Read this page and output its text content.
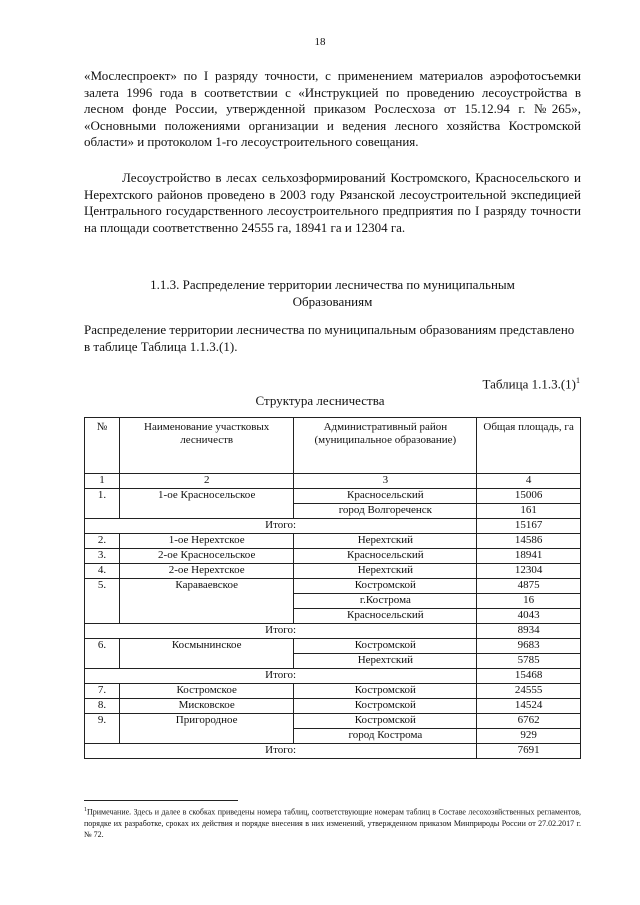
18

«Мослеспроект» по I разряду точности, с применением материалов аэрофотосъемки залета 1996 года в соответствии с «Инструкцией по проведению лесоустройства в лесном фонде России, утвержденной приказом Рослесхоза от 15.12.94 г. №265», «Основными положениями организации и ведения лесного хозяйства Костромской области» и протоколом 1-го лесоустроительного совещания.

Лесоустройство в лесах сельхозформирований Костромского, Красносельского и Нерехтского районов проведено в 2003 году Рязанской лесоустроительной экспедицией Центрального государственного лесоустроительного предприятия по I разряду точности на площади соответственно 24555 га, 18941 га и 12304 га.

1.1.3. Распределение территории лесничества по муниципальным
Образованиям

Распределение территории лесничества по муниципальным образованиям представлено в таблице Таблица 1.1.3.(1).

Таблица $1.1.3.(1)^1$
Структура лесничества
№	Наименование участковых лесничеств	Административный район (муниципальное образование)	Общая площадь, га
1	2	3	4
1.	1-ое Красносельское	Красносельский	15006
		город Волгореченск	161
Итого:			15167
2.	1-ое Нерехтское	Нерехтский	14586
3.	2-ое Красносельское	Красносельский	18941
4.	2-ое Нерехтское	Нерехтский	12304
5.	Караваевское	Костромской	4875
		г.Кострома	16
		Красносельский	4043
Итого:			8934
6.	Космынинское	Костромской	9683
		Нерехтский	5785
Итого:			15468
7.	Костромское	Костромской	24555
8.	Мисковское	Костромской	14524
9.	Пригородное	Костромской	6762
		город Кострома	929
Итого:			7691

$^1$Примечание. Здесь и далее в скобках приведены номера таблиц, соответствующие номерам таблиц в Составе лесохозяйственных регламентов, порядке их разработке, сроках их действия и порядке внесения в них изменений, утвержденном приказом Минприроды России от 27.02.2017 г. № 72.
